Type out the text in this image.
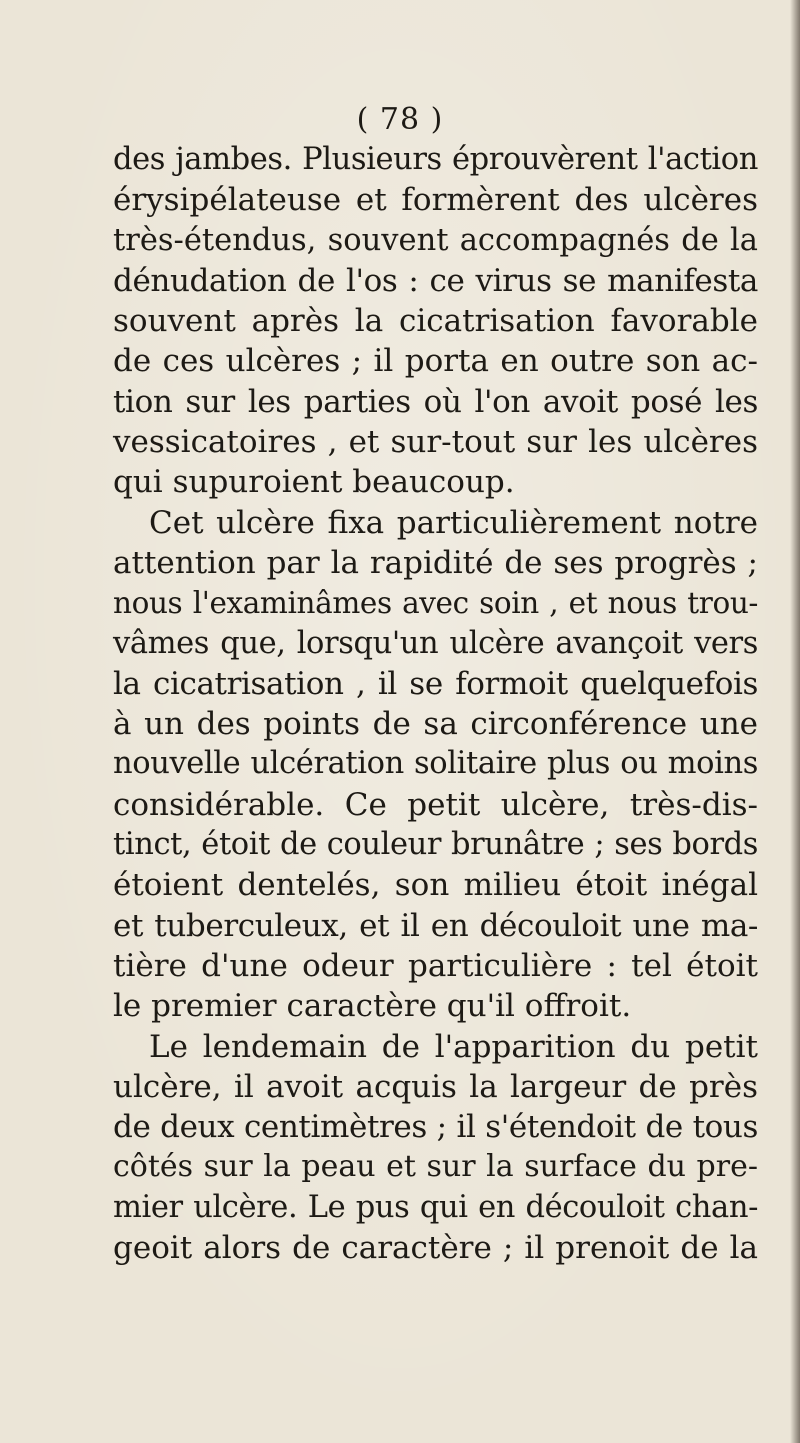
( 78 )
des jambes. Plusieurs éprouvèrent l'action
érysipélateuse et formèrent des ulcères
très-étendus, souvent accompagnés de la
dénudation de l'os : ce virus se manifesta
souvent après la cicatrisation favorable
de ces ulcères ; il porta en outre son ac-
tion sur les parties où l'on avoit posé les
vessicatoires , et sur-tout sur les ulcères
qui supuroient beaucoup.
Cet ulcère fixa particulièrement notre
attention par la rapidité de ses progrès ;
nous l'examinâmes avec soin , et nous trou-
vâmes que, lorsqu'un ulcère avançoit vers
la cicatrisation , il se formoit quelquefois
à un des points de sa circonférence une
nouvelle ulcération solitaire plus ou moins
considérable. Ce petit ulcère, très-dis-
tinct, étoit de couleur brunâtre ; ses bords
étoient dentelés, son milieu étoit inégal
et tuberculeux, et il en découloit une ma-
tière d'une odeur particulière : tel étoit
le premier caractère qu'il offroit.
Le lendemain de l'apparition du petit
ulcère, il avoit acquis la largeur de près
de deux centimètres ; il s'étendoit de tous
côtés sur la peau et sur la surface du pre-
mier ulcère. Le pus qui en découloit chan-
geoit alors de caractère ; il prenoit de la
